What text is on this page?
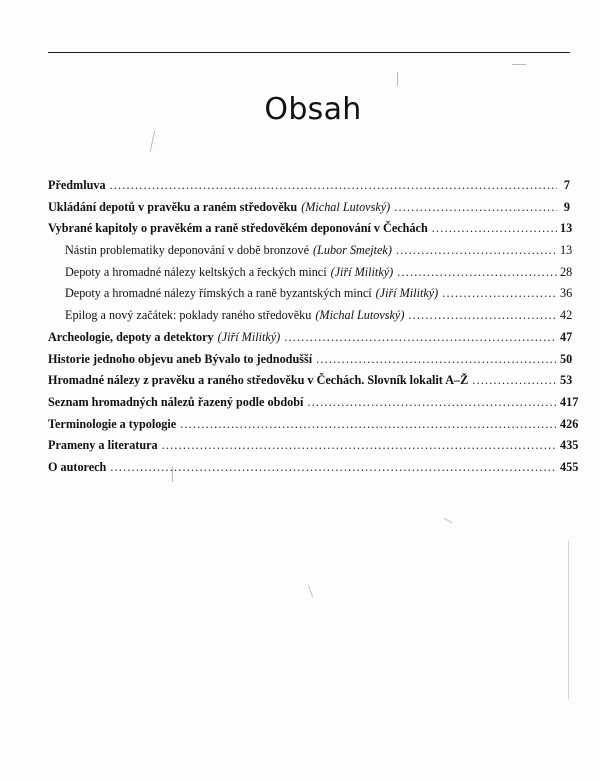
Obsah
Předmluva .....	7
Ukládání depotů v pravěku a raném středověku (Michal Lutovský) .....	9
Vybrané kapitoly o pravěkém a raně středověkém deponování v Čechách .....	13
Nástin problematiky deponování v době bronzové (Lubor Smejtek) .....	13
Depoty a hromadné nálezy keltských a řeckých mincí (Jiří Militký) .....	28
Depoty a hromadné nálezy římských a raně byzantských mincí (Jiří Militký) .....	36
Epilog a nový začátek: poklady raného středověku (Michal Lutovský) .....	42
Archeologie, depoty a detektory (Jiří Militký) .....	47
Historie jednoho objevu aneb Bývalo to jednodušší .....	50
Hromadné nálezy z pravěku a raného středověku v Čechách. Slovník lokalit A–Ž .....	53
Seznam hromadných nálezů řazený podle období .....	417
Terminologie a typologie .....	426
Prameny a literatura .....	435
O autorech .....	455
